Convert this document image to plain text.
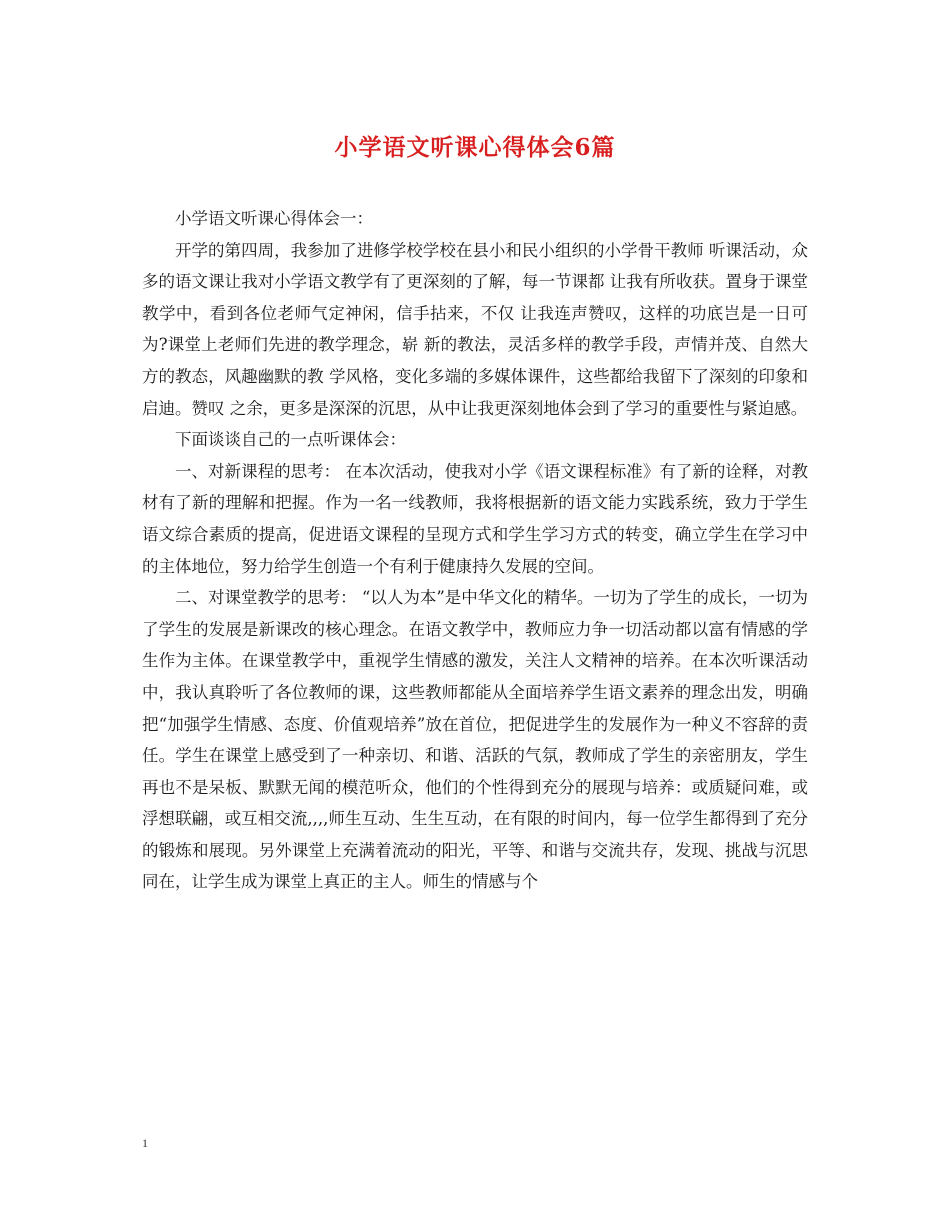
小学语文听课心得体会6篇

小学语文听课心得体会一：

开学的第四周，我参加了进修学校学校在县小和民小组织的小学骨干教师 听课活动，众多的语文课让我对小学语文教学有了更深刻的了解，每一节课都 让我有所收获。置身于课堂教学中，看到各位老师气定神闲，信手拈来，不仅 让我连声赞叹，这样的功底岂是一日可为?课堂上老师们先进的教学理念，崭 新的教法，灵活多样的教学手段，声情并茂、自然大方的教态，风趣幽默的教 学风格，变化多端的多媒体课件，这些都给我留下了深刻的印象和启迪。赞叹 之余，更多是深深的沉思，从中让我更深刻地体会到了学习的重要性与紧迫感。

下面谈谈自己的一点听课体会：

一、对新课程的思考： 在本次活动，使我对小学《语文课程标准》有了新的诠释，对教材有了新的理解和把握。作为一名一线教师，我将根据新的语文能力实践系统，致力于学生语文综合素质的提高，促进语文课程的呈现方式和学生学习方式的转变，确立学生在学习中的主体地位，努力给学生创造一个有利于健康持久发展的空间。

二、对课堂教学的思考： “以人为本”是中华文化的精华。一切为了学生的成长，一切为了学生的发展是新课改的核心理念。在语文教学中，教师应力争一切活动都以富有情感的学生作为主体。在课堂教学中，重视学生情感的激发，关注人文精神的培养。在本次听课活动中，我认真聆听了各位教师的课，这些教师都能从全面培养学生语文素养的理念出发，明确把“加强学生情感、态度、价值观培养”放在首位，把促进学生的发展作为一种义不容辞的责任。学生在课堂上感受到了一种亲切、和谐、活跃的气氛，教师成了学生的亲密朋友，学生再也不是呆板、默默无闻的模范听众，他们的个性得到充分的展现与培养：或质疑问难，或浮想联翩，或互相交流,,,,师生互动、生生互动，在有限的时间内，每一位学生都得到了充分的锻炼和展现。另外课堂上充满着流动的阳光，平等、和谐与交流共存，发现、挑战与沉思同在，让学生成为课堂上真正的主人。师生的情感与个

1
